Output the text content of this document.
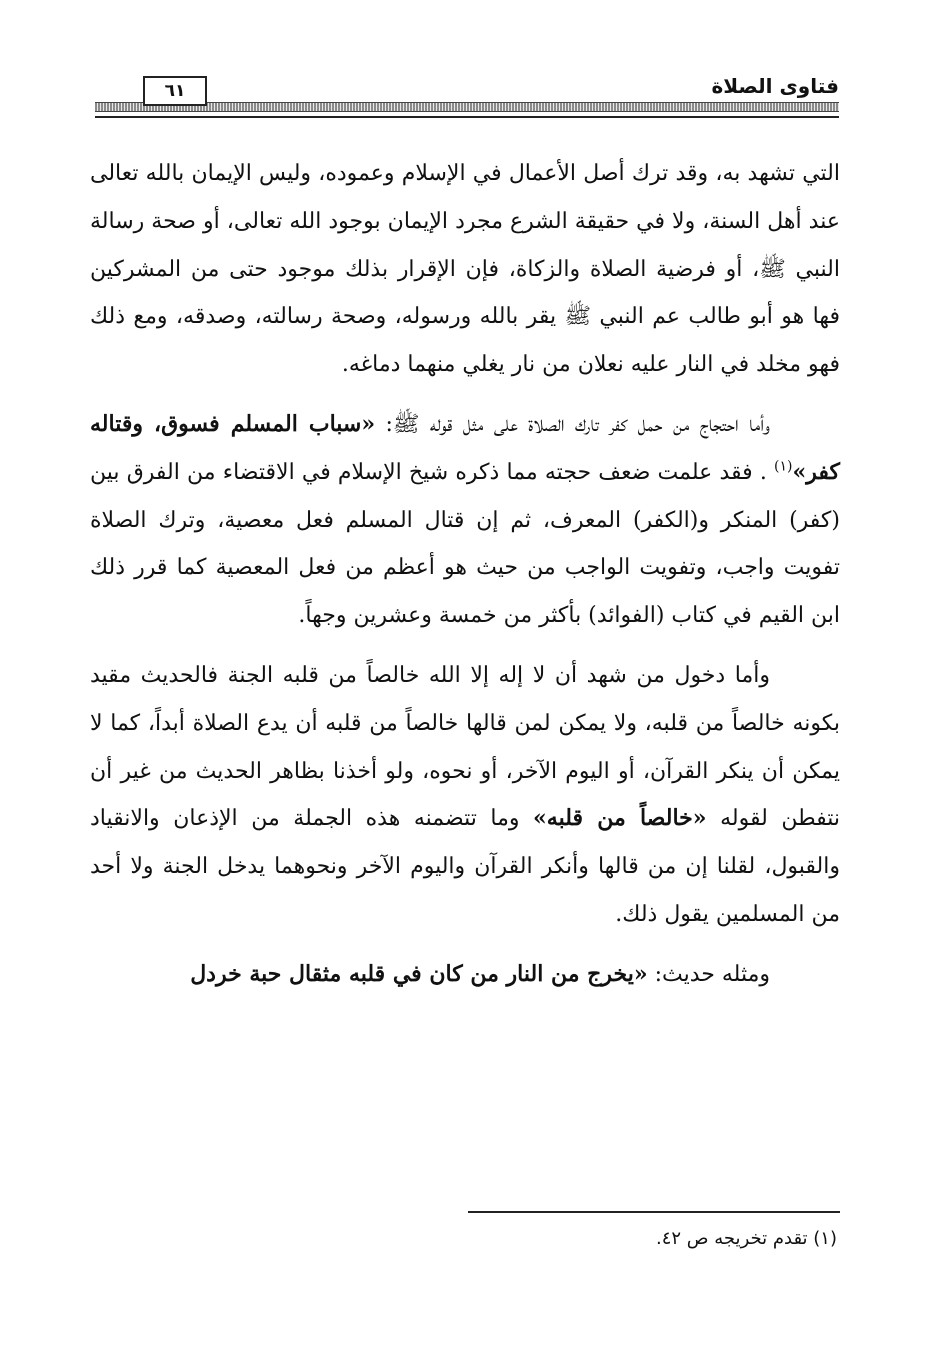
فتاوى الصلاة
٦١

التي تشهد به، وقد ترك أصل الأعمال في الإسلام وعموده، وليس الإيمان بالله تعالى عند أهل السنة، ولا في حقيقة الشرع مجرد الإيمان بوجود الله تعالى، أو صحة رسالة النبي ﷺ، أو فرضية الصلاة والزكاة، فإن الإقرار بذلك موجود حتى من المشركين فها هو أبو طالب عم النبي ﷺ يقر بالله ورسوله، وصحة رسالته، وصدقه، ومع ذلك فهو مخلد في النار عليه نعلان من نار يغلي منهما دماغه.

وأما احتجاج من حمل كفر تارك الصلاة على مثل قوله ﷺ: «سباب المسلم فسوق، وقتاله كفر»$^{(١)}$ . فقد علمت ضعف حجته مما ذكره شيخ الإسلام في الاقتضاء من الفرق بين (كفر) المنكر و(الكفر) المعرف، ثم إن قتال المسلم فعل معصية، وترك الصلاة تفويت واجب، وتفويت الواجب من حيث هو أعظم من فعل المعصية كما قرر ذلك ابن القيم في كتاب (الفوائد) بأكثر من خمسة وعشرين وجهاً.

وأما دخول من شهد أن لا إله إلا الله خالصاً من قلبه الجنة فالحديث مقيد بكونه خالصاً من قلبه، ولا يمكن لمن قالها خالصاً من قلبه أن يدع الصلاة أبداً، كما لا يمكن أن ينكر القرآن، أو اليوم الآخر، أو نحوه، ولو أخذنا بظاهر الحديث من غير أن نتفطن لقوله «خالصاً من قلبه» وما تتضمنه هذه الجملة من الإذعان والانقياد والقبول، لقلنا إن من قالها وأنكر القرآن واليوم الآخر ونحوهما يدخل الجنة ولا أحد من المسلمين يقول ذلك.

ومثله حديث: «يخرج من النار من كان في قلبه مثقال حبة خردل

(١) تقدم تخريجه ص ٤٢.
